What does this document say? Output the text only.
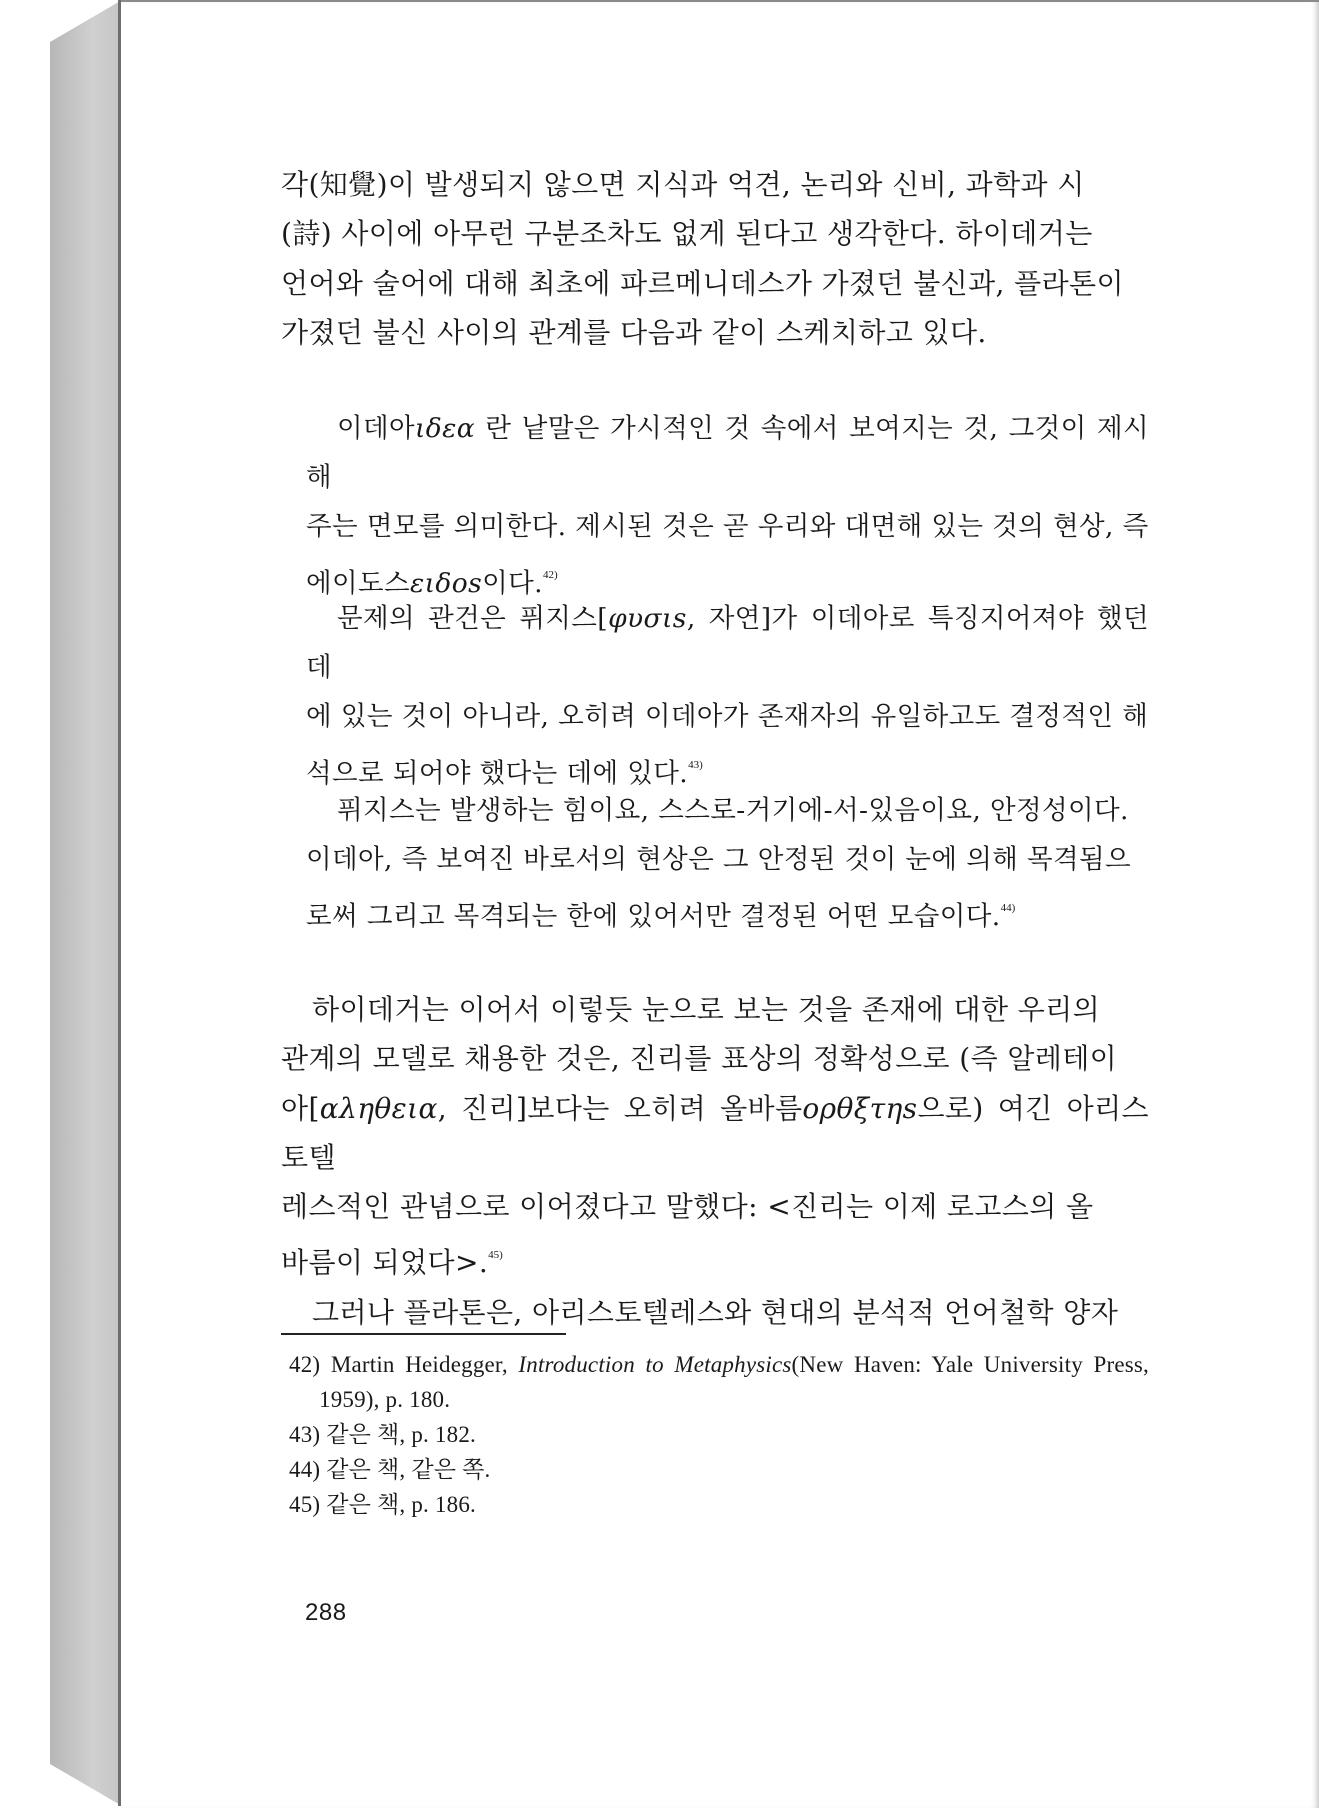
각(知覺)이 발생되지 않으면 지식과 억견, 논리와 신비, 과학과 시
(詩) 사이에 아무런 구분조차도 없게 된다고 생각한다. 하이데거는
언어와 술어에 대해 최초에 파르메니데스가 가졌던 불신과, 플라톤이
가졌던 불신 사이의 관계를 다음과 같이 스케치하고 있다.
이데아ιδεα 란 낱말은 가시적인 것 속에서 보여지는 것, 그것이 제시해
주는 면모를 의미한다. 제시된 것은 곧 우리와 대면해 있는 것의 현상, 즉
에이도스ειδοs이다.$^{42)}$
문제의 관건은 퓌지스[φυσιs, 자연]가 이데아로 특징지어져야 했던 데
에 있는 것이 아니라, 오히려 이데아가 존재자의 유일하고도 결정적인 해
석으로 되어야 했다는 데에 있다.$^{43)}$
퓌지스는 발생하는 힘이요, 스스로-거기에-서-있음이요, 안정성이다.
이데아, 즉 보여진 바로서의 현상은 그 안정된 것이 눈에 의해 목격됨으
로써 그리고 목격되는 한에 있어서만 결정된 어떤 모습이다.$^{44)}$
하이데거는 이어서 이렇듯 눈으로 보는 것을 존재에 대한 우리의
관계의 모델로 채용한 것은, 진리를 표상의 정확성으로 (즉 알레테이
아[αληθεια, 진리]보다는 오히려 올바름ορθξτηs으로) 여긴 아리스토텔
레스적인 관념으로 이어졌다고 말했다: <진리는 이제 로고스의 올
바름이 되었다>.$^{45)}$
그러나 플라톤은, 아리스토텔레스와 현대의 분석적 언어철학 양자
42) Martin Heidegger, Introduction to Metaphysics(New Haven: Yale University Press, 1959), p. 180.
43) 같은 책, p. 182.
44) 같은 책, 같은 쪽.
45) 같은 책, p. 186.
288
